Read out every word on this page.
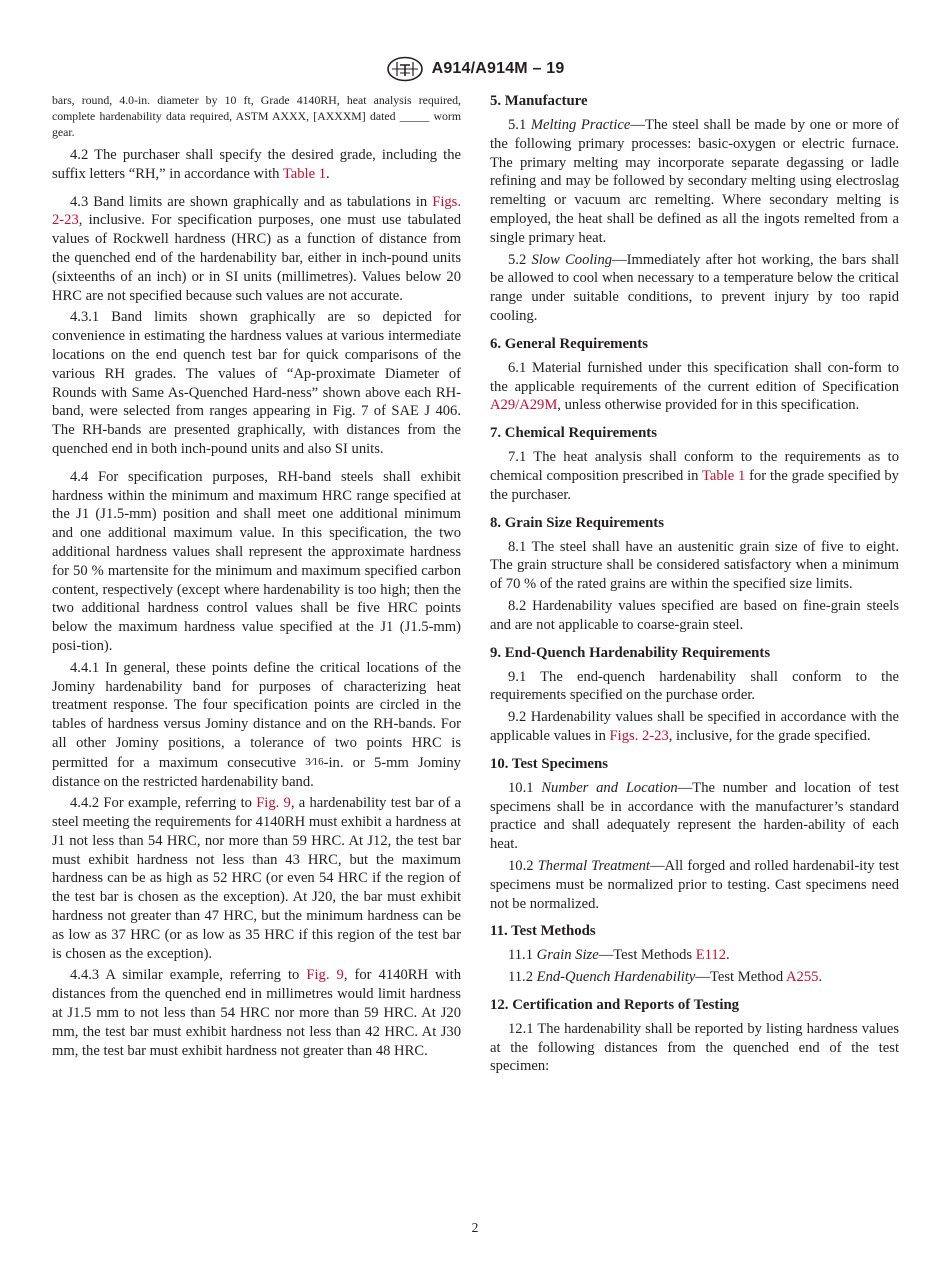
A914/A914M – 19

bars, round, 4.0-in. diameter by 10 ft, Grade 4140RH, heat analysis required, complete hardenability data required, ASTM AXXX, [AXXXM] dated _____ worm gear.

4.2 The purchaser shall specify the desired grade, including the suffix letters “RH,” in accordance with Table 1.

4.3 Band limits are shown graphically and as tabulations in Figs. 2-23, inclusive. For specification purposes, one must use tabulated values of Rockwell hardness (HRC) as a function of distance from the quenched end of the hardenability bar, either in inch-pound units (sixteenths of an inch) or in SI units (millimetres). Values below 20 HRC are not specified because such values are not accurate.

4.3.1 Band limits shown graphically are so depicted for convenience in estimating the hardness values at various intermediate locations on the end quench test bar for quick comparisons of the various RH grades. The values of “Ap-proximate Diameter of Rounds with Same As-Quenched Hard-ness” shown above each RH-band, were selected from ranges appearing in Fig. 7 of SAE J 406. The RH-bands are presented graphically, with distances from the quenched end in both inch-pound units and also SI units.

4.4 For specification purposes, RH-band steels shall exhibit hardness within the minimum and maximum HRC range specified at the J1 (J1.5-mm) position and shall meet one additional minimum and one additional maximum value. In this specification, the two additional hardness values shall represent the approximate hardness for 50 % martensite for the minimum and maximum specified carbon content, respectively (except where hardenability is too high; then the two additional hardness control values shall be five HRC points below the maximum hardness value specified at the J1 (J1.5-mm) posi-tion).

4.4.1 In general, these points define the critical locations of the Jominy hardenability band for purposes of characterizing heat treatment response. The four specification points are circled in the tables of hardness versus Jominy distance and on the RH-bands. For all other Jominy positions, a tolerance of two points HRC is permitted for a maximum consecutive 3⁄16-in. or 5-mm Jominy distance on the restricted hardenability band.

4.4.2 For example, referring to Fig. 9, a hardenability test bar of a steel meeting the requirements for 4140RH must exhibit a hardness at J1 not less than 54 HRC, nor more than 59 HRC. At J12, the test bar must exhibit hardness not less than 43 HRC, but the maximum hardness can be as high as 52 HRC (or even 54 HRC if the region of the test bar is chosen as the exception). At J20, the bar must exhibit hardness not greater than 47 HRC, but the minimum hardness can be as low as 37 HRC (or as low as 35 HRC if this region of the test bar is chosen as the exception).

4.4.3 A similar example, referring to Fig. 9, for 4140RH with distances from the quenched end in millimetres would limit hardness at J1.5 mm to not less than 54 HRC nor more than 59 HRC. At J20 mm, the test bar must exhibit hardness not less than 42 HRC. At J30 mm, the test bar must exhibit hardness not greater than 48 HRC.

5. Manufacture

5.1 Melting Practice—The steel shall be made by one or more of the following primary processes: basic-oxygen or electric furnace. The primary melting may incorporate separate degassing or ladle refining and may be followed by secondary melting using electroslag remelting or vacuum arc remelting. Where secondary melting is employed, the heat shall be defined as all the ingots remelted from a single primary heat.

5.2 Slow Cooling—Immediately after hot working, the bars shall be allowed to cool when necessary to a temperature below the critical range under suitable conditions, to prevent injury by too rapid cooling.

6. General Requirements

6.1 Material furnished under this specification shall con-form to the applicable requirements of the current edition of Specification A29/A29M, unless otherwise provided for in this specification.

7. Chemical Requirements

7.1 The heat analysis shall conform to the requirements as to chemical composition prescribed in Table 1 for the grade specified by the purchaser.

8. Grain Size Requirements

8.1 The steel shall have an austenitic grain size of five to eight. The grain structure shall be considered satisfactory when a minimum of 70 % of the rated grains are within the specified size limits.

8.2 Hardenability values specified are based on fine-grain steels and are not applicable to coarse-grain steel.

9. End-Quench Hardenability Requirements

9.1 The end-quench hardenability shall conform to the requirements specified on the purchase order.

9.2 Hardenability values shall be specified in accordance with the applicable values in Figs. 2-23, inclusive, for the grade specified.

10. Test Specimens

10.1 Number and Location—The number and location of test specimens shall be in accordance with the manufacturer’s standard practice and shall adequately represent the harden-ability of each heat.

10.2 Thermal Treatment—All forged and rolled hardenabil-ity test specimens must be normalized prior to testing. Cast specimens need not be normalized.

11. Test Methods

11.1 Grain Size—Test Methods E112.

11.2 End-Quench Hardenability—Test Method A255.

12. Certification and Reports of Testing

12.1 The hardenability shall be reported by listing hardness values at the following distances from the quenched end of the test specimen:

2
